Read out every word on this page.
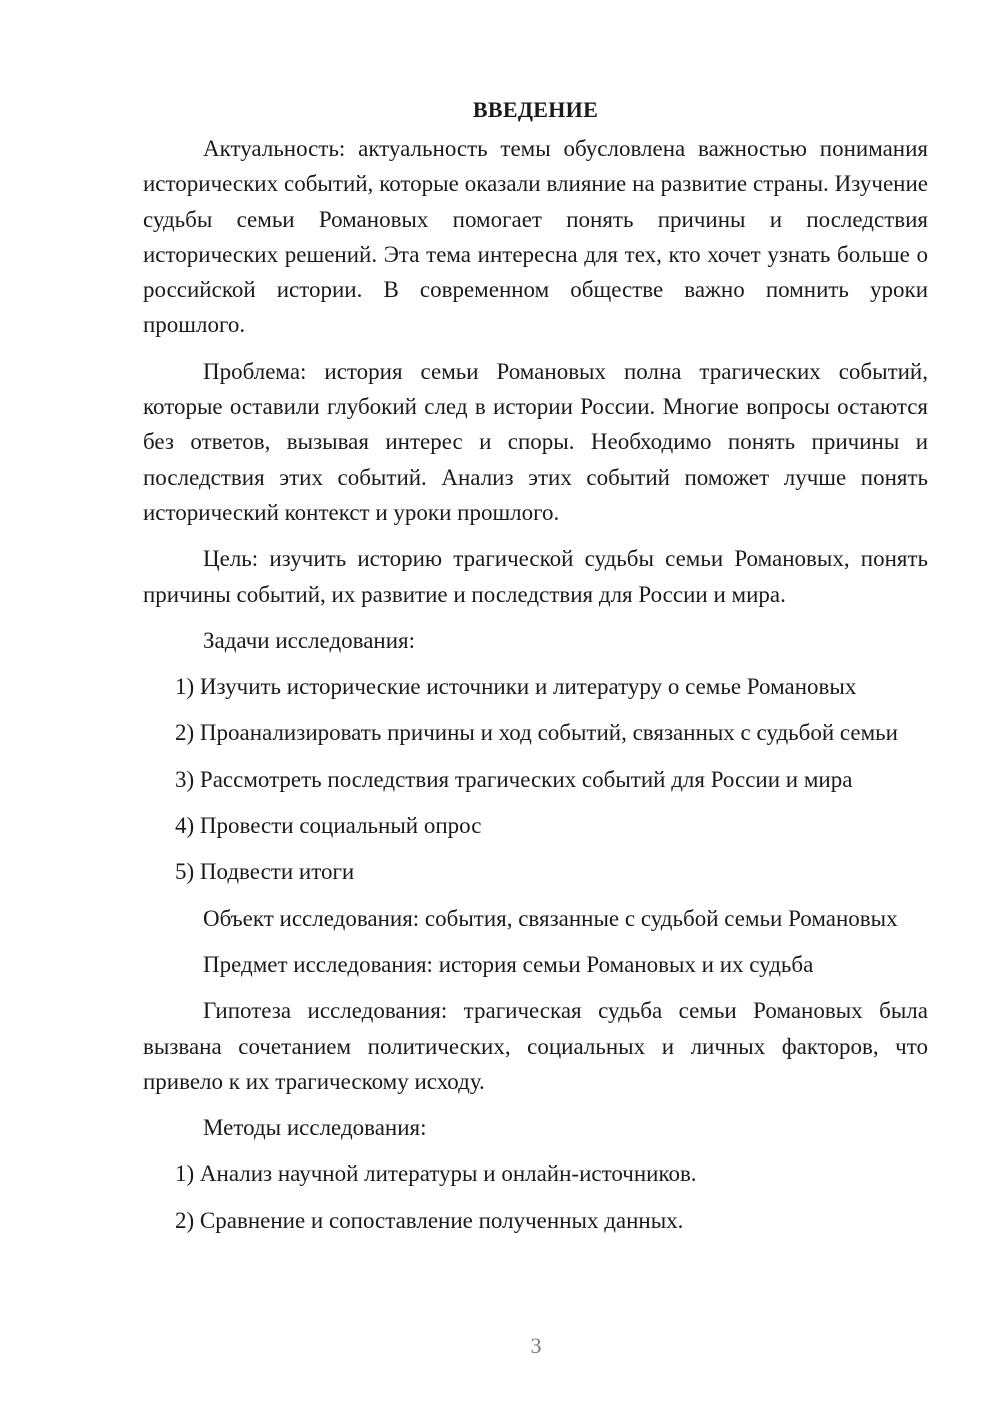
ВВЕДЕНИЕ

Актуальность: актуальность темы обусловлена важностью понимания исторических событий, которые оказали влияние на развитие страны. Изучение судьбы семьи Романовых помогает понять причины и последствия исторических решений. Эта тема интересна для тех, кто хочет узнать больше о российской истории. В современном обществе важно помнить уроки прошлого.

Проблема: история семьи Романовых полна трагических событий, которые оставили глубокий след в истории России. Многие вопросы остаются без ответов, вызывая интерес и споры. Необходимо понять причины и последствия этих событий. Анализ этих событий поможет лучше понять исторический контекст и уроки прошлого.

Цель: изучить историю трагической судьбы семьи Романовых, понять причины событий, их развитие и последствия для России и мира.

Задачи исследования:

1) Изучить исторические источники и литературу о семье Романовых

2) Проанализировать причины и ход событий, связанных с судьбой семьи

3) Рассмотреть последствия трагических событий для России и мира

4) Провести социальный опрос

5) Подвести итоги

Объект исследования: события, связанные с судьбой семьи Романовых

Предмет исследования: история семьи Романовых и их судьба

Гипотеза исследования: трагическая судьба семьи Романовых была вызвана сочетанием политических, социальных и личных факторов, что привело к их трагическому исходу.

Методы исследования:

1) Анализ научной литературы и онлайн-источников.

2) Сравнение и сопоставление полученных данных.

3
